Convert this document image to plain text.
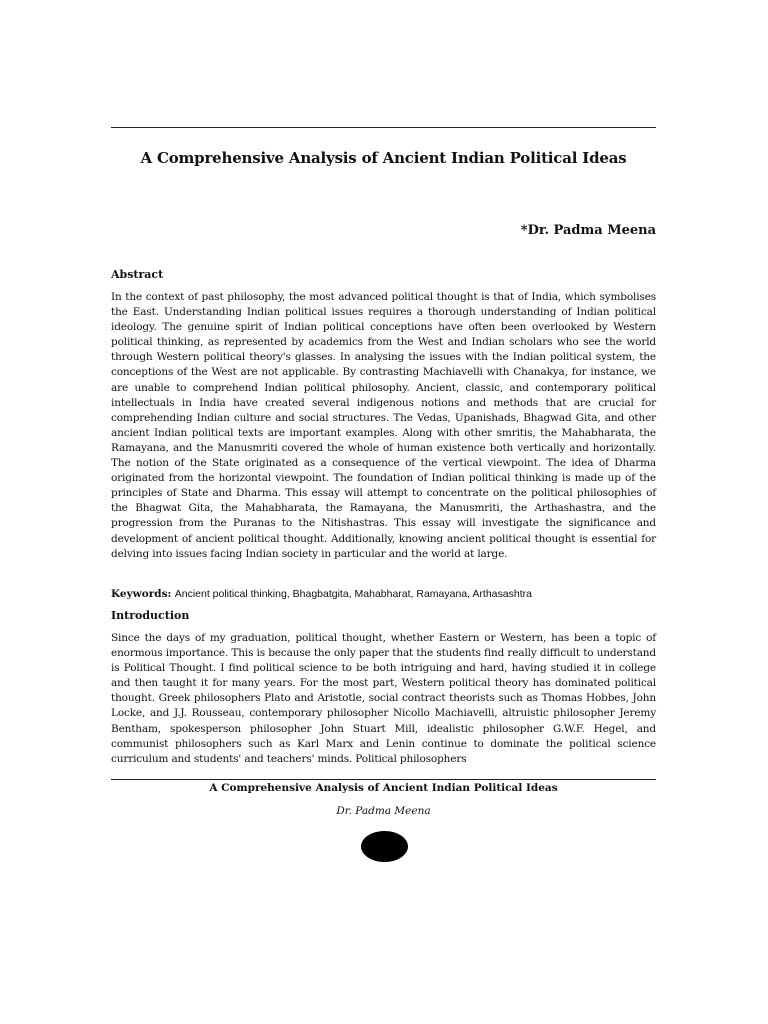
A Comprehensive Analysis of Ancient Indian Political Ideas
*Dr. Padma Meena
Abstract

In the context of past philosophy, the most advanced political thought is that of India, which symbolises the East. Understanding Indian political issues requires a thorough understanding of Indian political ideology. The genuine spirit of Indian political conceptions have often been overlooked by Western political thinking, as represented by academics from the West and Indian scholars who see the world through Western political theory's glasses. In analysing the issues with the Indian political system, the conceptions of the West are not applicable. By contrasting Machiavelli with Chanakya, for instance, we are unable to comprehend Indian political philosophy. Ancient, classic, and contemporary political intellectuals in India have created several indigenous notions and methods that are crucial for comprehending Indian culture and social structures. The Vedas, Upanishads, Bhagwad Gita, and other ancient Indian political texts are important examples. Along with other smritis, the Mahabharata, the Ramayana, and the Manusmriti covered the whole of human existence both vertically and horizontally. The notion of the State originated as a consequence of the vertical viewpoint. The idea of Dharma originated from the horizontal viewpoint. The foundation of Indian political thinking is made up of the principles of State and Dharma. This essay will attempt to concentrate on the political philosophies of the Bhagwat Gita, the Mahabharata, the Ramayana, the Manusmriti, the Arthashastra, and the progression from the Puranas to the Nitishastras. This essay will investigate the significance and development of ancient political thought. Additionally, knowing ancient political thought is essential for delving into issues facing Indian society in particular and the world at large.

Keywords: Ancient political thinking, Bhagbatgita, Mahabharat, Ramayana, Arthasashtra
Introduction

Since the days of my graduation, political thought, whether Eastern or Western, has been a topic of enormous importance. This is because the only paper that the students find really difficult to understand is Political Thought. I find political science to be both intriguing and hard, having studied it in college and then taught it for many years. For the most part, Western political theory has dominated political thought. Greek philosophers Plato and Aristotle, social contract theorists such as Thomas Hobbes, John Locke, and J.J. Rousseau, contemporary philosopher Nicollo Machiavelli, altruistic philosopher Jeremy Bentham, spokesperson philosopher John Stuart Mill, idealistic philosopher G.W.F. Hegel, and communist philosophers such as Karl Marx and Lenin continue to dominate the political science curriculum and students' and teachers' minds. Political philosophers

A Comprehensive Analysis of Ancient Indian Political Ideas
Dr. Padma Meena
